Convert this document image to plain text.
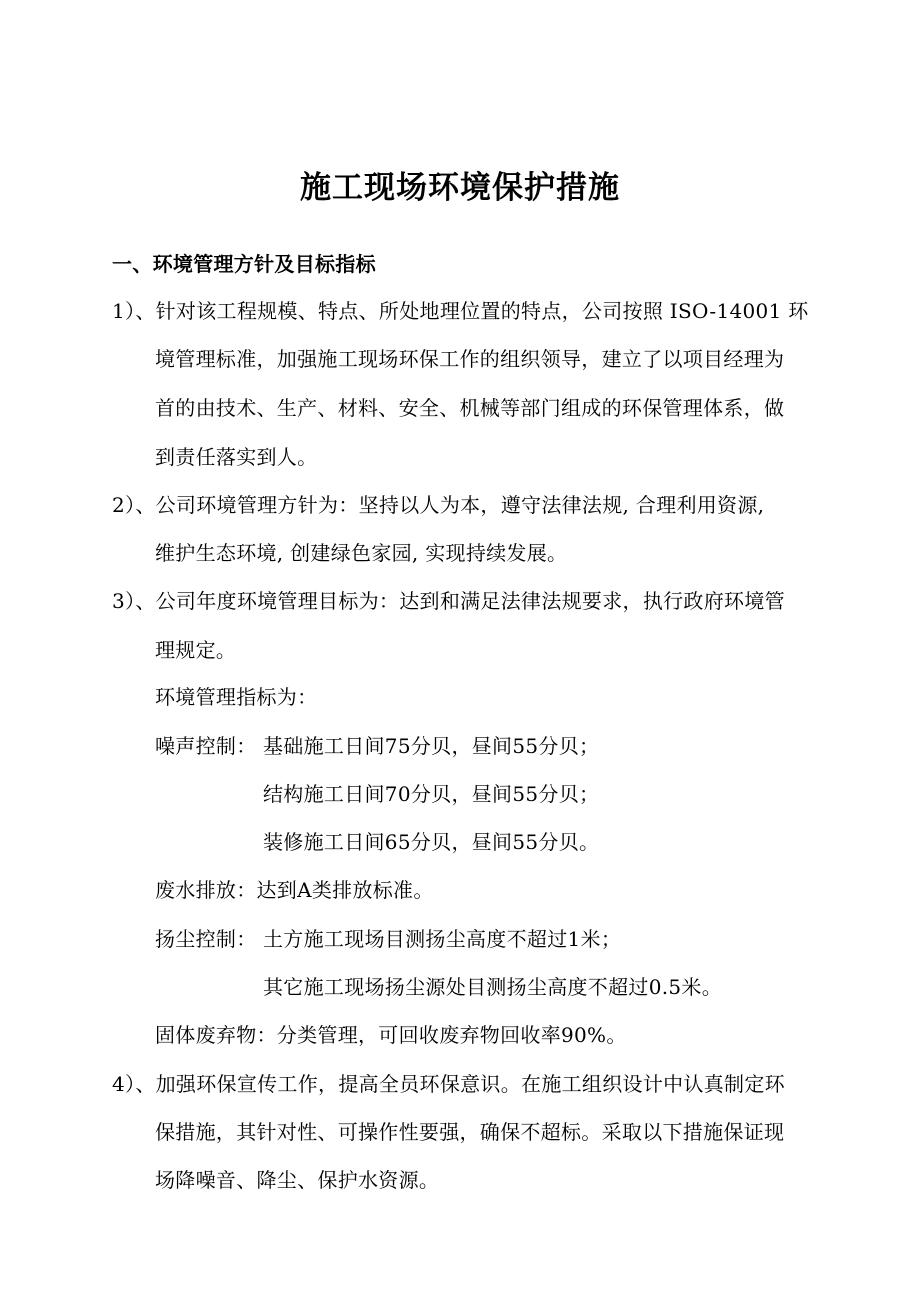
施工现场环境保护措施
一、环境管理方针及目标指标
1）、针对该工程规模、特点、所处地理位置的特点，公司按照 ISO-14001 环
境管理标准，加强施工现场环保工作的组织领导，建立了以项目经理为
首的由技术、生产、材料、安全、机械等部门组成的环保管理体系，做
到责任落实到人。
2）、公司环境管理方针为：坚持以人为本，遵守法律法规, 合理利用资源,
维护生态环境, 创建绿色家园, 实现持续发展。
3）、公司年度环境管理目标为：达到和满足法律法规要求，执行政府环境管
理规定。
环境管理指标为：
噪声控制： 基础施工日间75分贝，昼间55分贝；
结构施工日间70分贝，昼间55分贝；
装修施工日间65分贝，昼间55分贝。
废水排放：达到A类排放标准。
扬尘控制： 土方施工现场目测扬尘高度不超过1米；
其它施工现场扬尘源处目测扬尘高度不超过0.5米。
固体废弃物：分类管理，可回收废弃物回收率90%。
4）、加强环保宣传工作，提高全员环保意识。在施工组织设计中认真制定环
保措施，其针对性、可操作性要强，确保不超标。采取以下措施保证现
场降噪音、降尘、保护水资源。
